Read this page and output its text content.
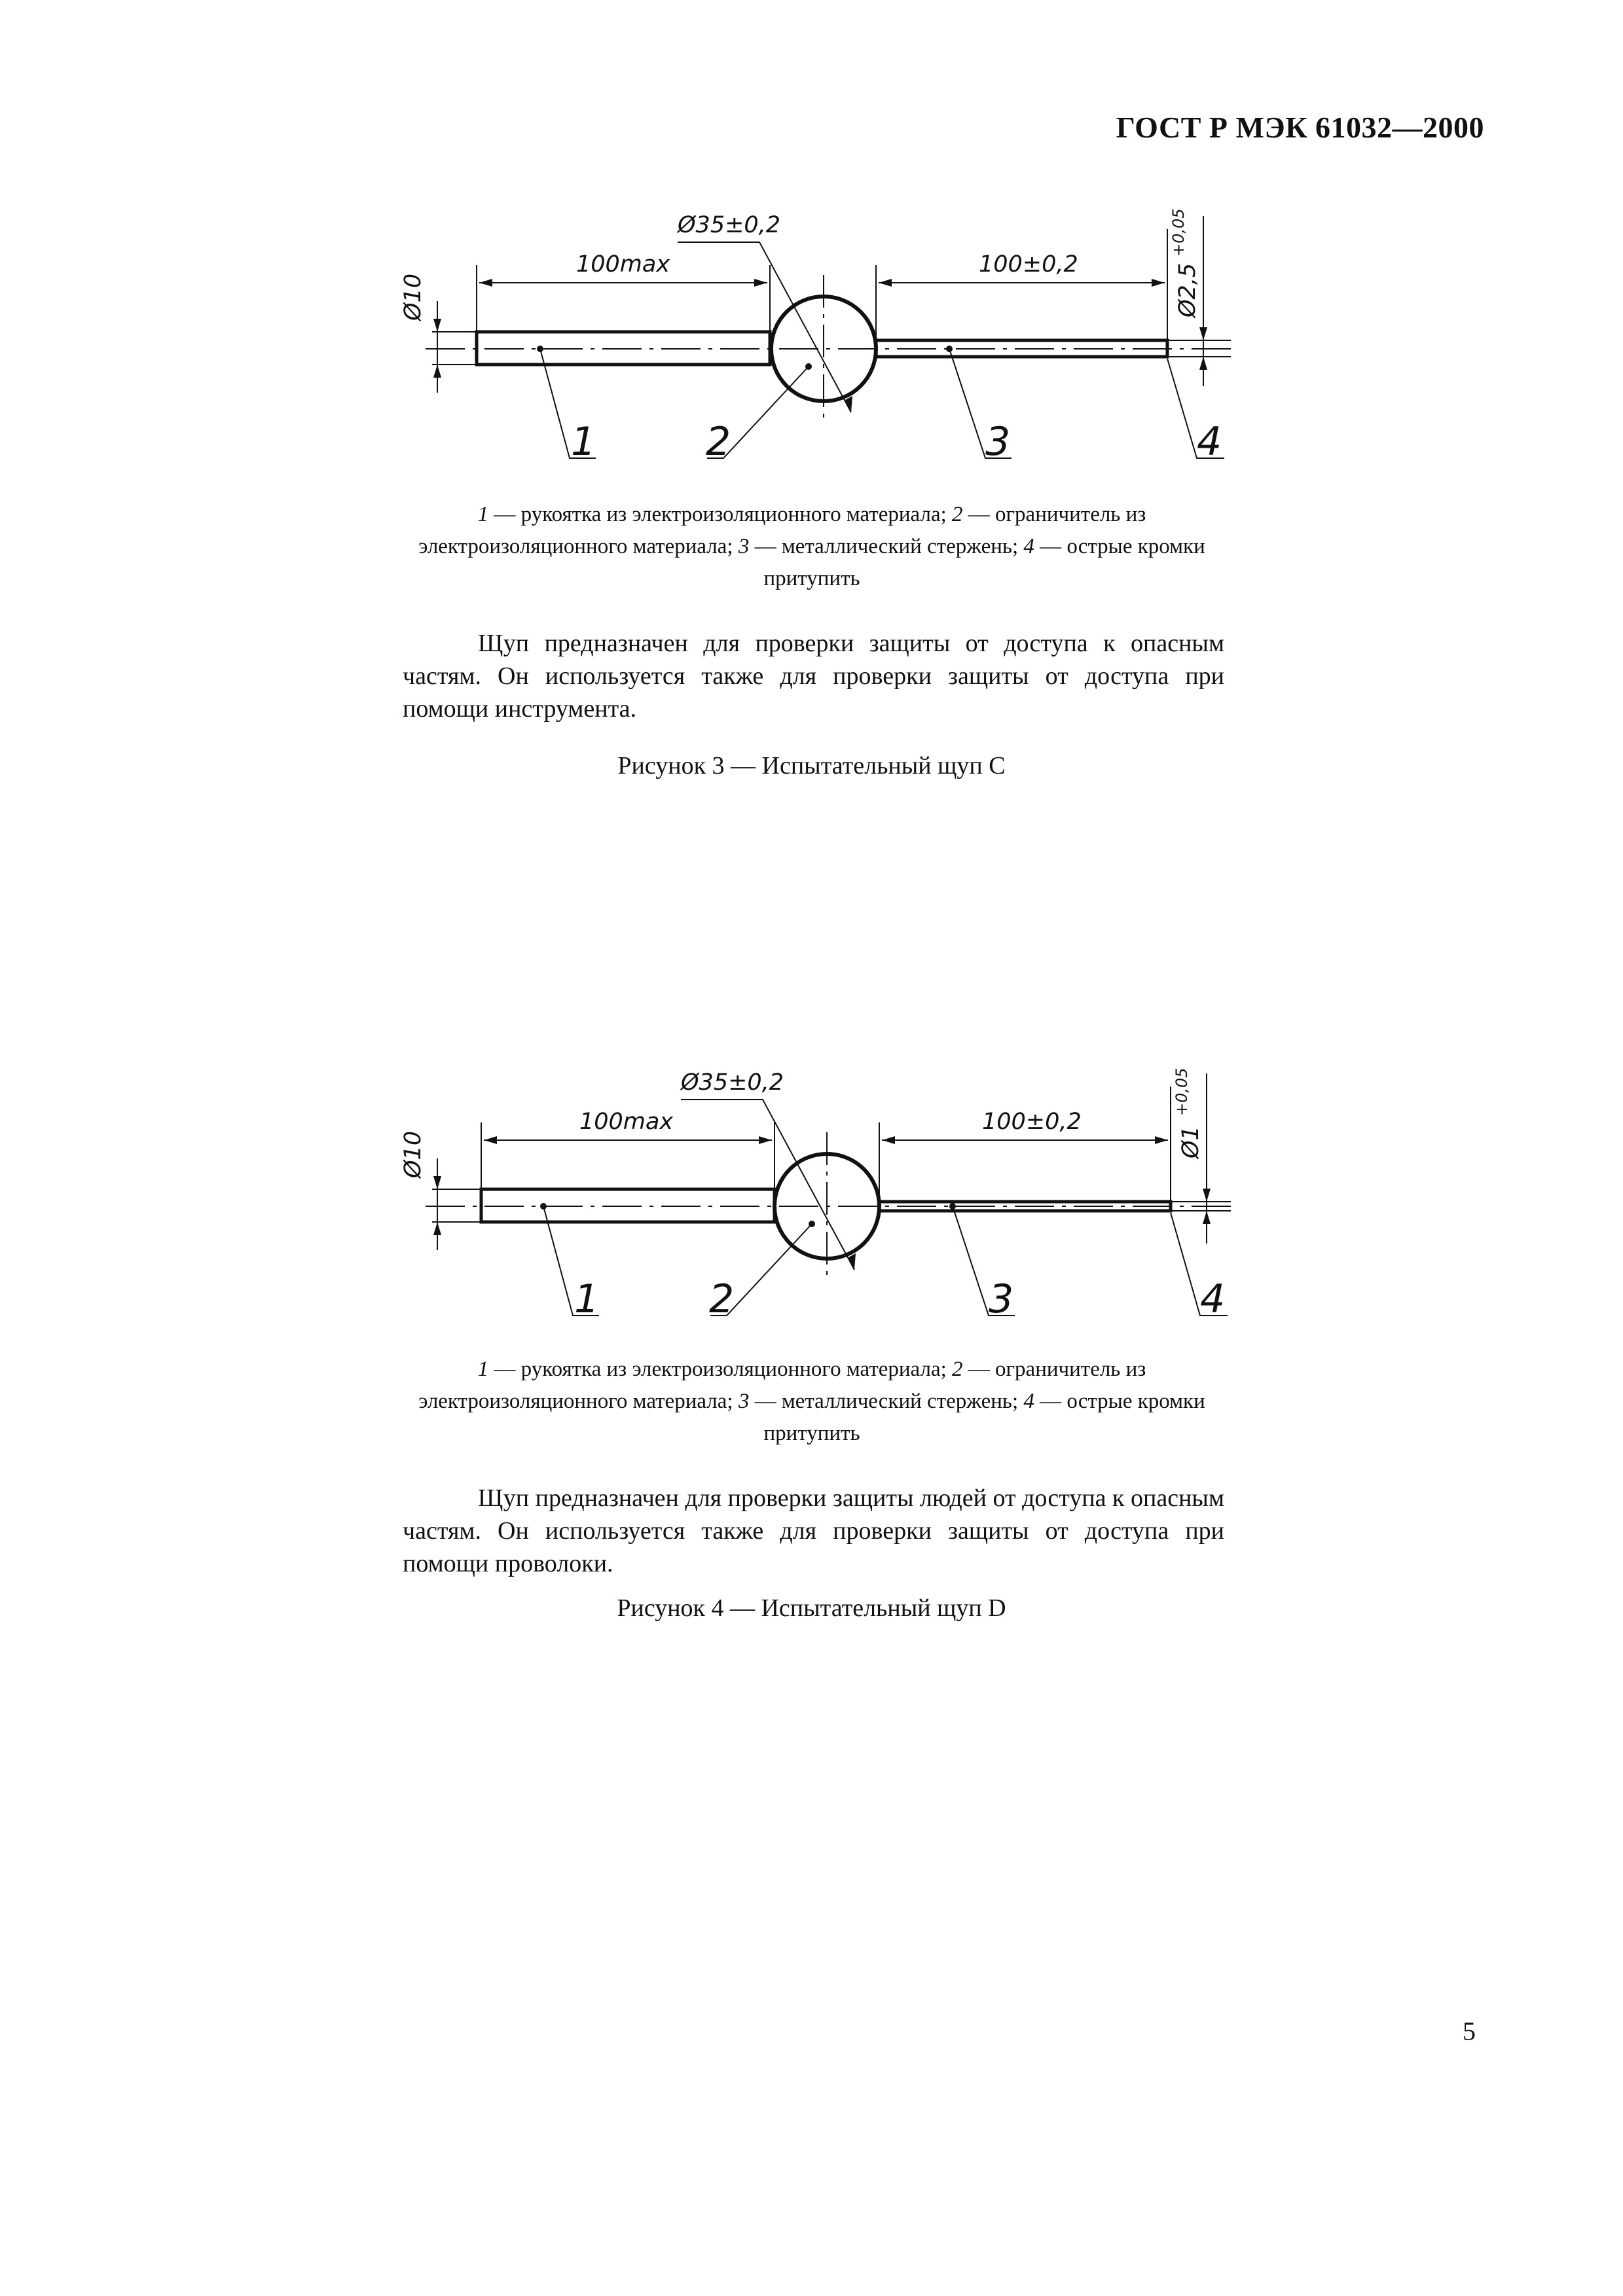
ГОСТ Р МЭК 61032—2000
100max
Ø35±0,2
100±0,2
Ø10	Ø2,5
+0,05
1	2	3	4
1 — рукоятка из электроизоляционного материала; 2 — ограничитель из электроизоляционного материала; 3 — металлический стержень; 4 — острые кромки притупить
Щуп предназначен для проверки защиты от доступа к опасным частям. Он используется также для проверки защиты от доступа при помощи инструмента.
Рисунок 3 — Испытательный щуп С
100max
Ø35±0,2
100±0,2
Ø10	Ø1
+0,05
1	2	3	4
1 — рукоятка из электроизоляционного материала; 2 — ограничитель из электроизоляционного материала; 3 — металлический стержень; 4 — острые кромки притупить
Щуп предназначен для проверки защиты людей от доступа к опасным частям. Он используется также для проверки защиты от доступа при помощи проволоки.
Рисунок 4 — Испытательный щуп D
5
